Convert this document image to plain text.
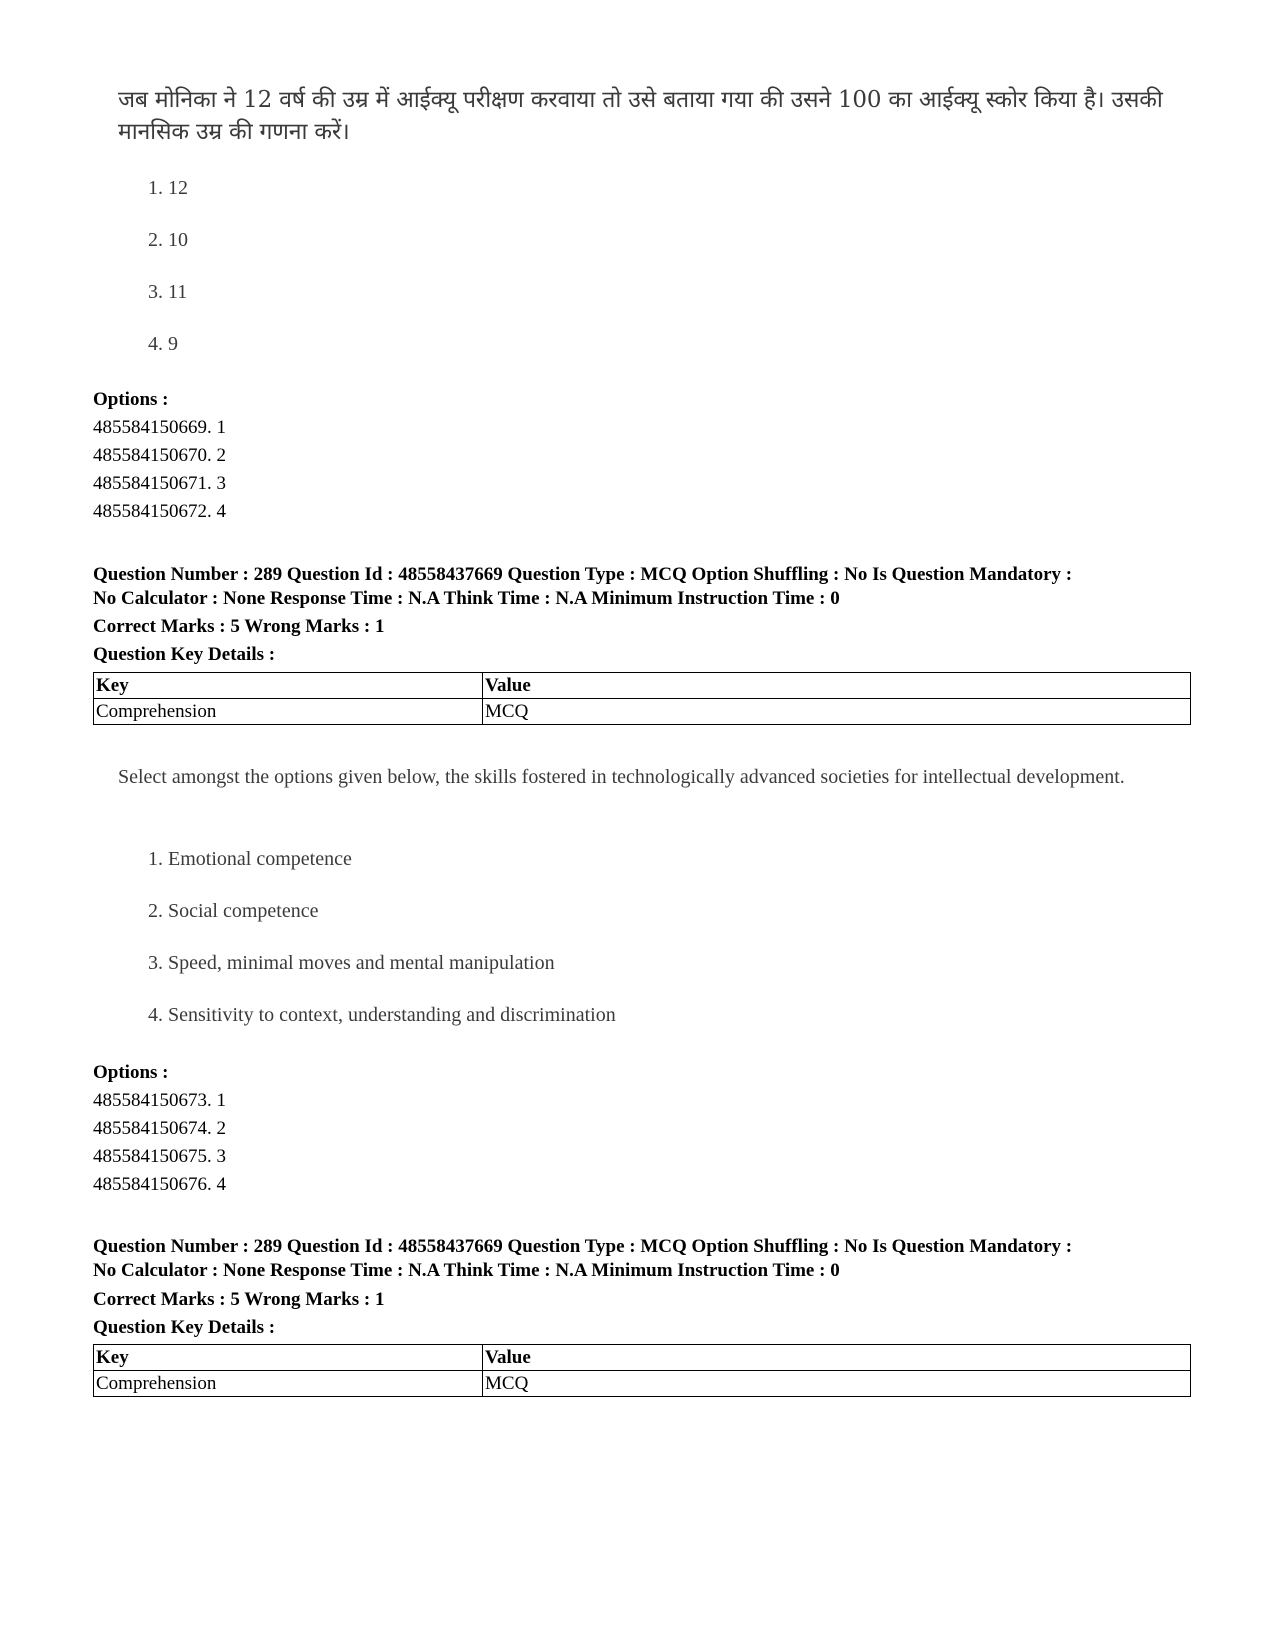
जब मोनिका ने 12 वर्ष की उम्र में आईक्यू परीक्षण करवाया तो उसे बताया गया की उसने 100 का आईक्यू स्कोर किया है। उसकी मानसिक उम्र की गणना करें।
1. 12
2. 10
3. 11
4. 9
Options :
485584150669. 1
485584150670. 2
485584150671. 3
485584150672. 4
Question Number : 289 Question Id : 48558437669 Question Type : MCQ Option Shuffling : No Is Question Mandatory :
No Calculator : None Response Time : N.A Think Time : N.A Minimum Instruction Time : 0
Correct Marks : 5 Wrong Marks : 1
Question Key Details :
Key	Value
Comprehension	MCQ
Select amongst the options given below, the skills fostered in technologically advanced societies for intellectual development.
1. Emotional competence
2. Social competence
3. Speed, minimal moves and mental manipulation
4. Sensitivity to context, understanding and discrimination
Options :
485584150673. 1
485584150674. 2
485584150675. 3
485584150676. 4
Question Number : 289 Question Id : 48558437669 Question Type : MCQ Option Shuffling : No Is Question Mandatory :
No Calculator : None Response Time : N.A Think Time : N.A Minimum Instruction Time : 0
Correct Marks : 5 Wrong Marks : 1
Question Key Details :
Key	Value
Comprehension	MCQ
